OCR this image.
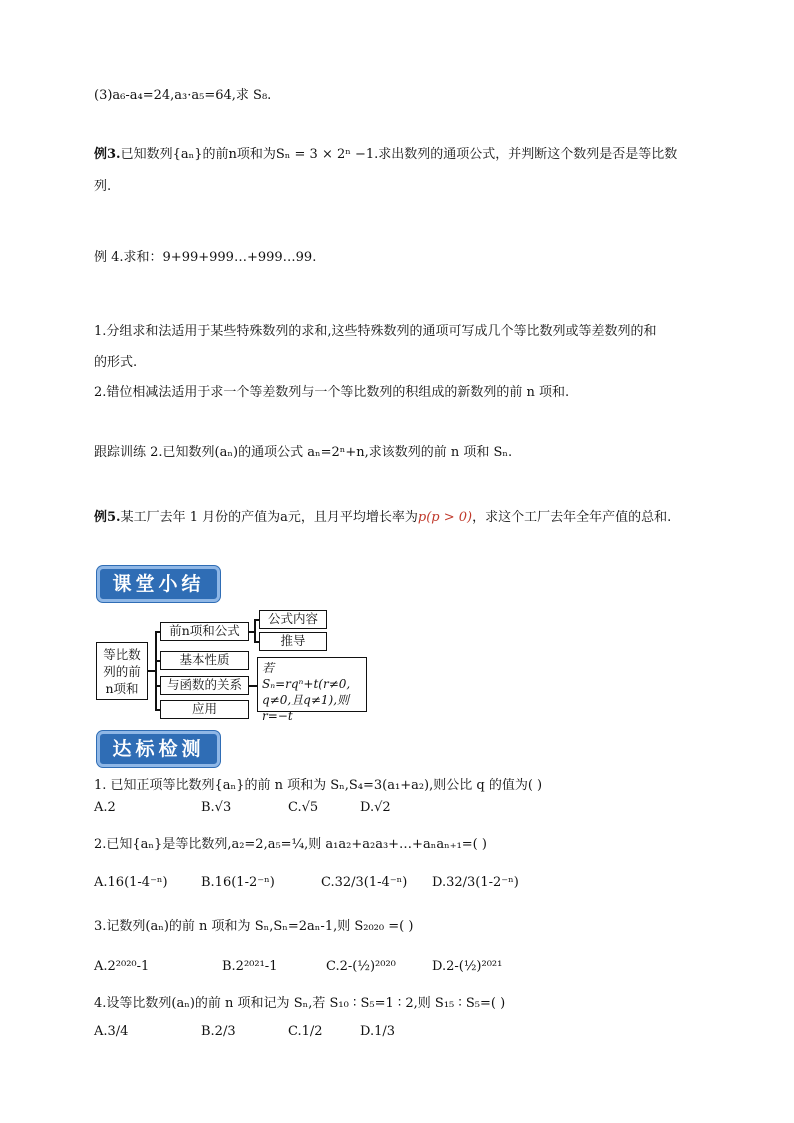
(3)a₆-a₄=24,a₃·a₅=64,求 S₈.
例3.已知数列{aₙ}的前n项和为Sₙ = 3 × 2ⁿ −1.求出数列的通项公式，并判断这个数列是否是等比数
列.
例 4.求和：9+99+999…+999…99.
1.分组求和法适用于某些特殊数列的求和,这些特殊数列的通项可写成几个等比数列或等差数列的和
的形式.
2.错位相减法适用于求一个等差数列与一个等比数列的积组成的新数列的前 n 项和.
跟踪训练 2.已知数列(aₙ)的通项公式 aₙ=2ⁿ+n,求该数列的前 n 项和 Sₙ.
例5.某工厂去年 1 月份的产值为a元，且月平均增长率为p(p > 0)，求这个工厂去年全年产值的总和.
课堂小结
等比数
列的前
n项和
前n项和公式
基本性质
与函数的关系
应用
公式内容
推导
若Sₙ=rqⁿ+t(r≠0,
q≠0,且q≠1),则
r=−t
达标检测
1. 已知正项等比数列{aₙ}的前 n 项和为 Sₙ,S₄=3(a₁+a₂),则公比 q 的值为( )
A.2	B.√3	C.√5	D.√2
2.已知{aₙ}是等比数列,a₂=2,a₅=¼,则 a₁a₂+a₂a₃+…+aₙaₙ₊₁=( )
A.16(1-4⁻ⁿ)	B.16(1-2⁻ⁿ)	C.32/3(1-4⁻ⁿ) D.32/3(1-2⁻ⁿ)
3.记数列(aₙ)的前 n 项和为 Sₙ,Sₙ=2aₙ-1,则 S₂₀₂₀ =( )
A.2²⁰²⁰-1	B.2²⁰²¹-1	C.2-(½)²⁰²⁰	D.2-(½)²⁰²¹
4.设等比数列(aₙ)的前 n 项和记为 Sₙ,若 S₁₀ ∶ S₅=1 ∶ 2,则 S₁₅ ∶ S₅=( )
A.3/4	B.2/3	C.1/2	D.1/3
